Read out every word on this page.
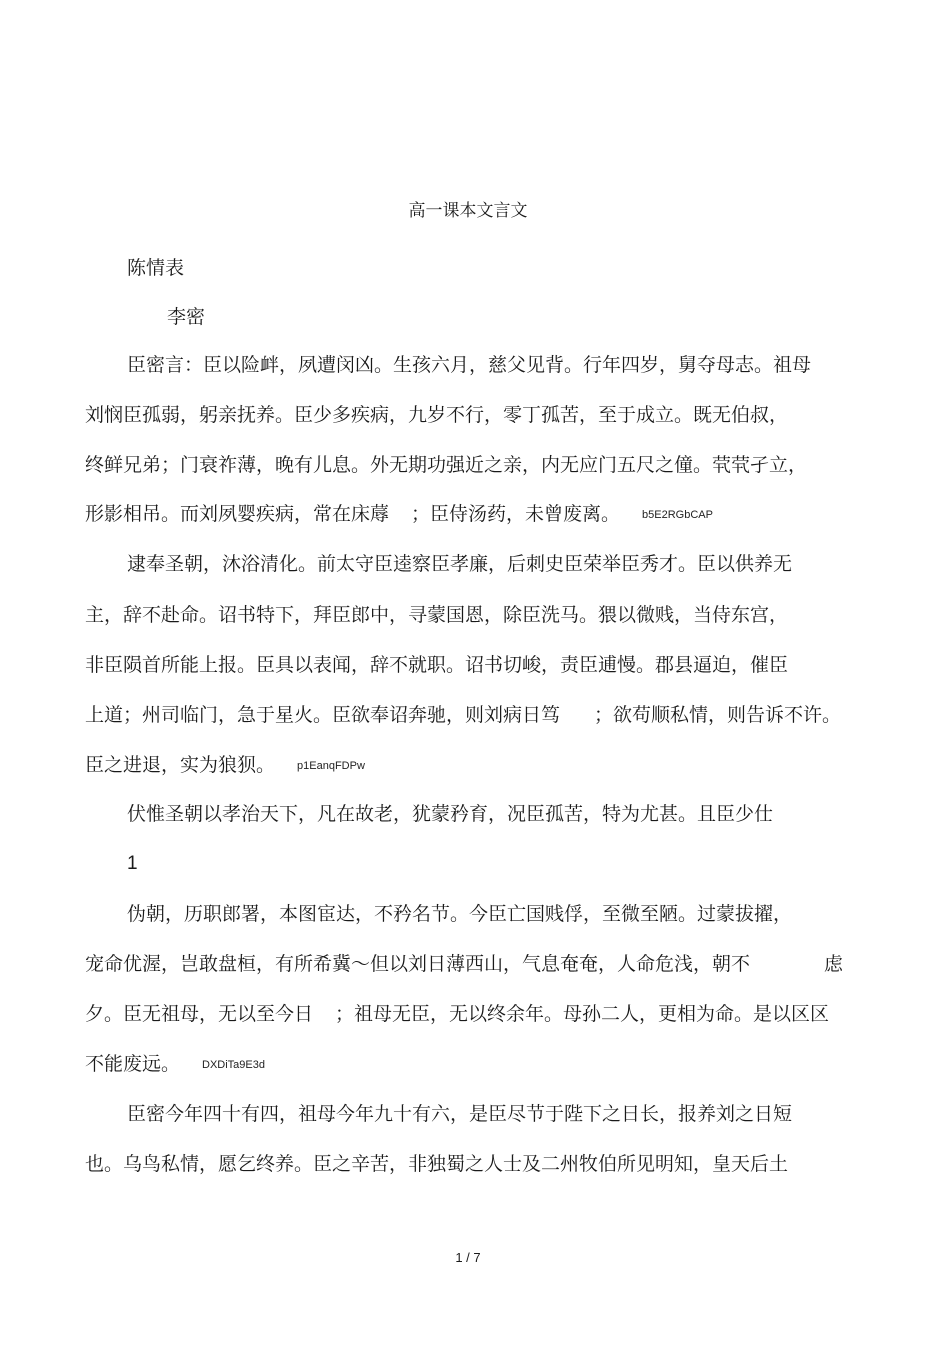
高一课本文言文
陈情表
李密
臣密言：臣以险衅，夙遭闵凶。生孩六月，慈父见背。行年四岁，舅夺母志。祖母
刘悯臣孤弱，躬亲抚养。臣少多疾病，九岁不行，零丁孤苦，至于成立。既无伯叔，
终鲜兄弟；门衰祚薄，晚有儿息。外无期功强近之亲，内无应门五尺之僮。茕茕孑立，
形影相吊。而刘夙婴疾病，常在床蓐 ；臣侍汤药，未曾废离。 b5E2RGbCAP
逮奉圣朝，沐浴清化。前太守臣逵察臣孝廉，后刺史臣荣举臣秀才。臣以供养无
主，辞不赴命。诏书特下，拜臣郎中，寻蒙国恩，除臣洗马。猥以微贱，当侍东宫，
非臣陨首所能上报。臣具以表闻，辞不就职。诏书切峻，责臣逋慢。郡县逼迫，催臣
上道；州司临门，急于星火。臣欲奉诏奔驰，则刘病日笃 ；欲苟顺私情，则告诉不许。
臣之进退，实为狼狈。 p1EanqFDPw
伏惟圣朝以孝治天下，凡在故老，犹蒙矜育，况臣孤苦，特为尤甚。且臣少仕
1
伪朝，历职郎署，本图宦达，不矜名节。今臣亡国贱俘，至微至陋。过蒙拔擢，
宠命优渥，岂敢盘桓，有所希冀～但以刘日薄西山，气息奄奄，人命危浅，朝不	虑
夕。臣无祖母，无以至今日 ；祖母无臣，无以终余年。母孙二人，更相为命。是以区区
不能废远。 DXDiTa9E3d
臣密今年四十有四，祖母今年九十有六，是臣尽节于陛下之日长，报养刘之日短
也。乌鸟私情，愿乞终养。臣之辛苦，非独蜀之人士及二州牧伯所见明知，皇天后土
1 / 7
